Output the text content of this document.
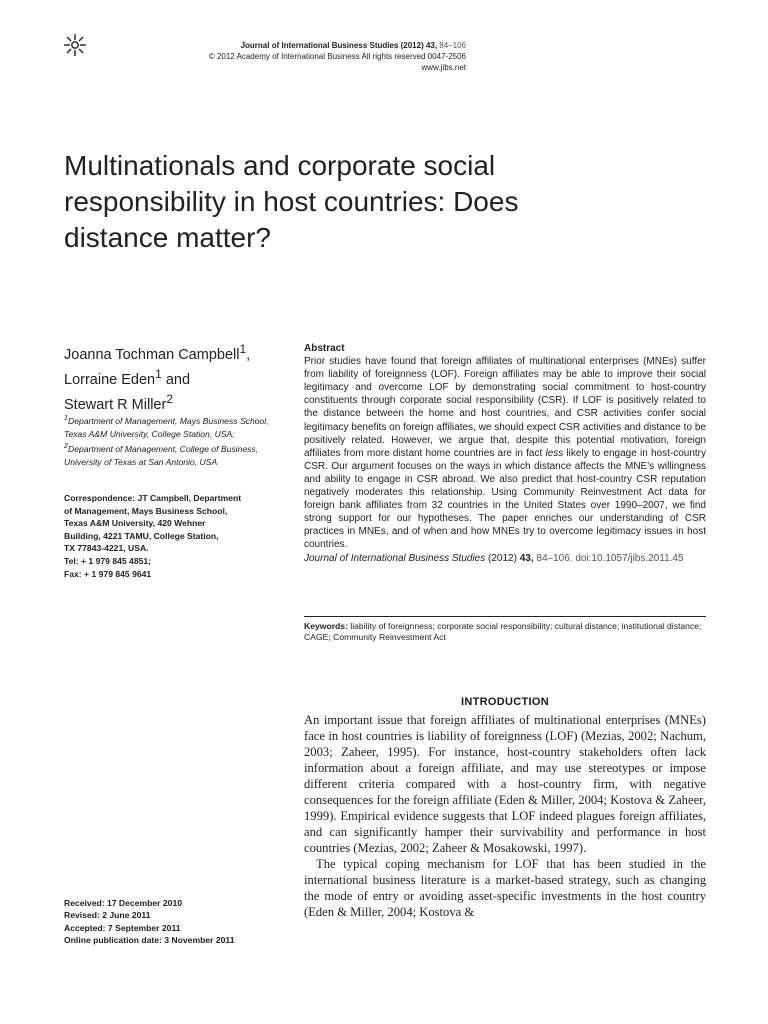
Journal of International Business Studies (2012) 43, 84–106
© 2012 Academy of International Business All rights reserved 0047-2506
www.jibs.net
Multinationals and corporate social
responsibility in host countries: Does
distance matter?
Joanna Tochman Campbell$^1$,
Lorraine Eden$^1$ and
Stewart R Miller$^2$
$^1$Department of Management, Mays Business School, Texas A&M University, College Station, USA; $^2$Department of Management, College of Business, University of Texas at San Antonio, USA
Correspondence: JT Campbell, Department
of Management, Mays Business School,
Texas A&M University, 420 Wehner
Building, 4221 TAMU, College Station,
TX 77843-4221, USA.
Tel: + 1 979 845 4851;
Fax: + 1 979 845 9641
Abstract
Prior studies have found that foreign affiliates of multinational enterprises (MNEs) suffer from liability of foreignness (LOF). Foreign affiliates may be able to improve their social legitimacy and overcome LOF by demonstrating social commitment to host-country constituents through corporate social responsibility (CSR). If LOF is positively related to the distance between the home and host countries, and CSR activities confer social legitimacy benefits on foreign affiliates, we should expect CSR activities and distance to be positively related. However, we argue that, despite this potential motivation, foreign affiliates from more distant home countries are in fact less likely to engage in host-country CSR. Our argument focuses on the ways in which distance affects the MNE's willingness and ability to engage in CSR abroad. We also predict that host-country CSR reputation negatively moderates this relationship. Using Community Reinvestment Act data for foreign bank affiliates from 32 countries in the United States over 1990–2007, we find strong support for our hypotheses. The paper enriches our understanding of CSR practices in MNEs, and of when and how MNEs try to overcome legitimacy issues in host countries.
Journal of International Business Studies (2012) 43, 84–106. doi:10.1057/jibs.2011.45
Keywords: liability of foreignness; corporate social responsibility; cultural distance; institutional distance; CAGE; Community Reinvestment Act
INTRODUCTION

An important issue that foreign affiliates of multinational enterprises (MNEs) face in host countries is liability of foreignness (LOF) (Mezias, 2002; Nachum, 2003; Zaheer, 1995). For instance, host-country stakeholders often lack information about a foreign affiliate, and may use stereotypes or impose different criteria compared with a host-country firm, with negative consequences for the foreign affiliate (Eden & Miller, 2004; Kostova & Zaheer, 1999). Empirical evidence suggests that LOF indeed plagues foreign affiliates, and can significantly hamper their survivability and performance in host countries (Mezias, 2002; Zaheer & Mosakowski, 1997).

The typical coping mechanism for LOF that has been studied in the international business literature is a market-based strategy, such as changing the mode of entry or avoiding asset-specific investments in the host country (Eden & Miller, 2004; Kostova &

Received: 17 December 2010
Revised: 2 June 2011
Accepted: 7 September 2011
Online publication date: 3 November 2011
